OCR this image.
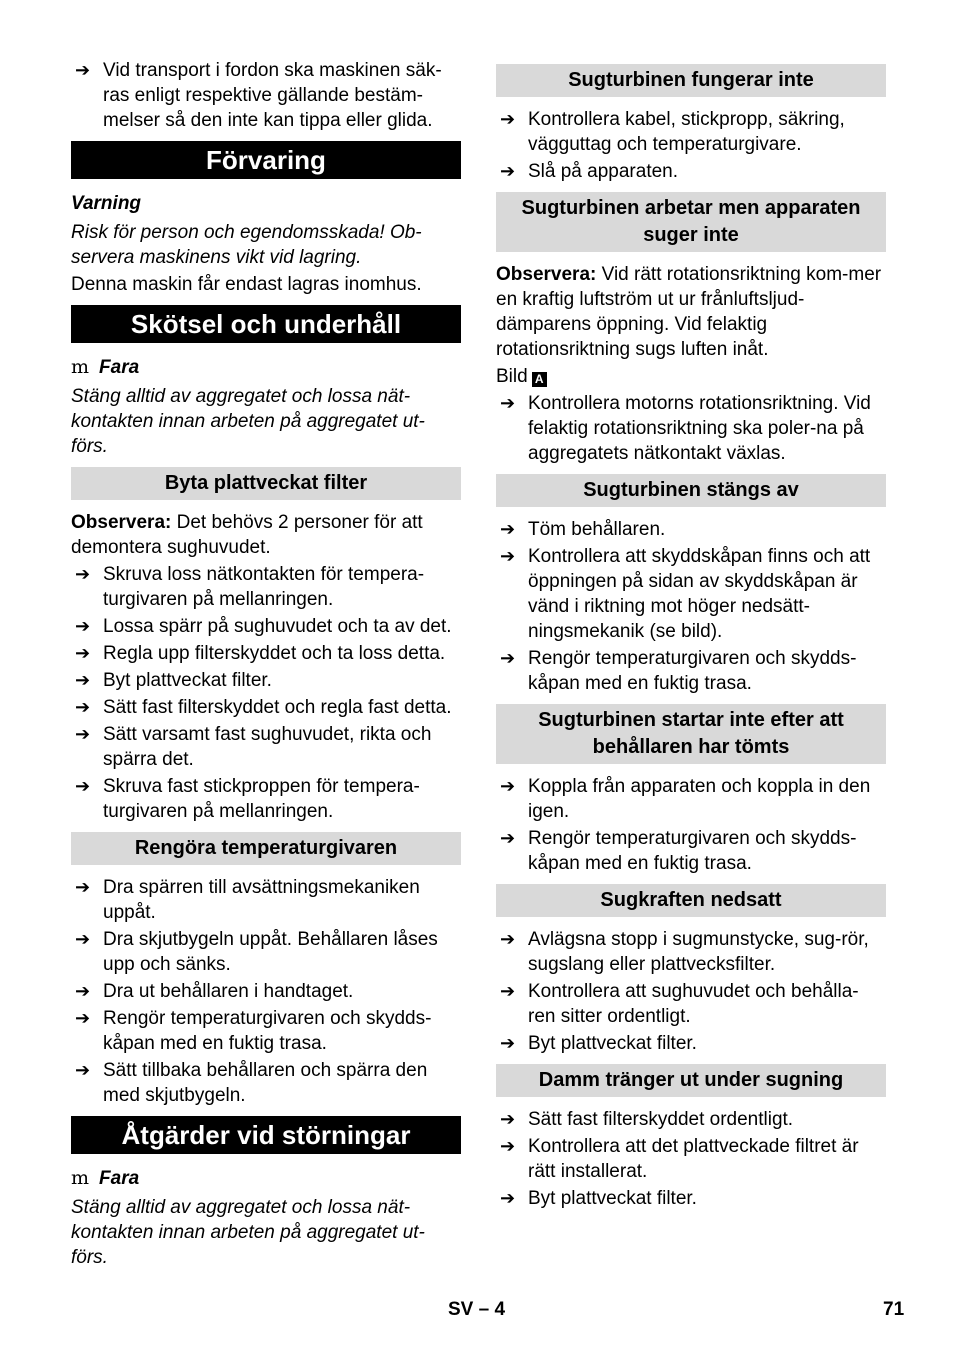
➔ Vid transport i fordon ska maskinen säk-ras enligt respektive gällande bestäm-melser så den inte kan tippa eller glida.
Förvaring
Varning

Risk för person och egendomsskada! Ob-servera maskinens vikt vid lagring.

Denna maskin får endast lagras inomhus.

Skötsel och underhåll
m Fara

Stäng alltid av aggregatet och lossa nät-kontakten innan arbeten på aggregatet ut-förs.

Byta plattveckat filter

Observera: Det behövs 2 personer för att demontera sughuvudet.

➔ Skruva loss nätkontakten för tempera-turgivaren på mellanringen.
➔ Lossa spärr på sughuvudet och ta av det.
➔ Regla upp filterskyddet och ta loss detta.
➔ Byt plattveckat filter.
➔ Sätt fast filterskyddet och regla fast detta.
➔ Sätt varsamt fast sughuvudet, rikta och spärra det.
➔ Skruva fast stickproppen för tempera-turgivaren på mellanringen.
Rengöra temperaturgivaren
➔ Dra spärren till avsättningsmekaniken uppåt.
➔ Dra skjutbygeln uppåt. Behållaren låses upp och sänks.
➔ Dra ut behållaren i handtaget.
➔ Rengör temperaturgivaren och skydds-kåpan med en fuktig trasa.
➔ Sätt tillbaka behållaren och spärra den med skjutbygeln.
Åtgärder vid störningar
m Fara

Stäng alltid av aggregatet och lossa nät-kontakten innan arbeten på aggregatet ut-förs.

Sugturbinen fungerar inte
➔ Kontrollera kabel, stickpropp, säkring, vägguttag och temperaturgivare.
➔ Slå på apparaten.
Sugturbinen arbetar men apparaten suger inte

Observera: Vid rätt rotationsriktning kom-mer en kraftig luftström ut ur frånluftsljud-dämparens öppning. Vid felaktig rotationsriktning sugs luften inåt.

Bild A

➔ Kontrollera motorns rotationsriktning. Vid felaktig rotationsriktning ska poler-na på aggregatets nätkontakt växlas.
Sugturbinen stängs av
➔ Töm behållaren.
➔ Kontrollera att skyddskåpan finns och att öppningen på sidan av skyddskåpan är vänd i riktning mot höger nedsätt-ningsmekanik (se bild).
➔ Rengör temperaturgivaren och skydds-kåpan med en fuktig trasa.
Sugturbinen startar inte efter att behållaren har tömts
➔ Koppla från apparaten och koppla in den igen.
➔ Rengör temperaturgivaren och skydds-kåpan med en fuktig trasa.
Sugkraften nedsatt
➔ Avlägsna stopp i sugmunstycke, sug-rör, sugslang eller plattvecksfilter.
➔ Kontrollera att sughuvudet och behålla-ren sitter ordentligt.
➔ Byt plattveckat filter.
Damm tränger ut under sugning
➔ Sätt fast filterskyddet ordentligt.
➔ Kontrollera att det plattveckade filtret är rätt installerat.
➔ Byt plattveckat filter.
SV – 4	71
